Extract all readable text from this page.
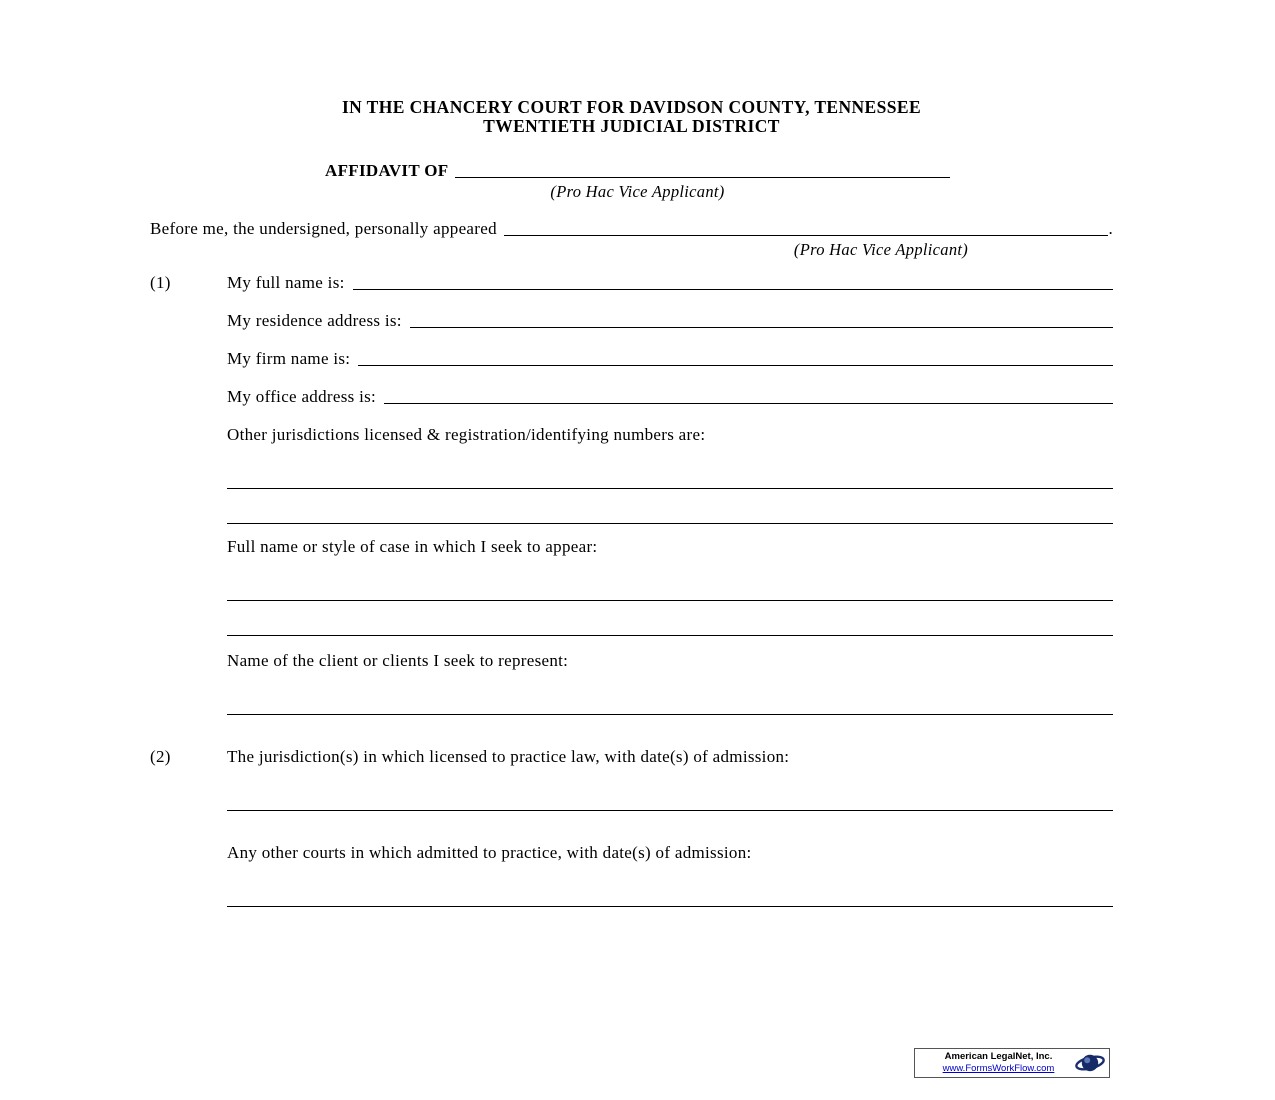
IN THE CHANCERY COURT FOR DAVIDSON COUNTY, TENNESSEE
TWENTIETH JUDICIAL DISTRICT
AFFIDAVIT OF
(Pro Hac Vice Applicant)
Before me, the undersigned, personally appeared	.
(Pro Hac Vice Applicant)
(1)	My full name is:
My residence address is:
My firm name is:
My office address is:
Other jurisdictions licensed & registration/identifying numbers are:
Full name or style of case in which I seek to appear:
Name of the client or clients I seek to represent:
(2)	The jurisdiction(s) in which licensed to practice law, with date(s) of admission:
Any other courts in which admitted to practice, with date(s) of admission:
American LegalNet, Inc.
www.FormsWorkFlow.com
